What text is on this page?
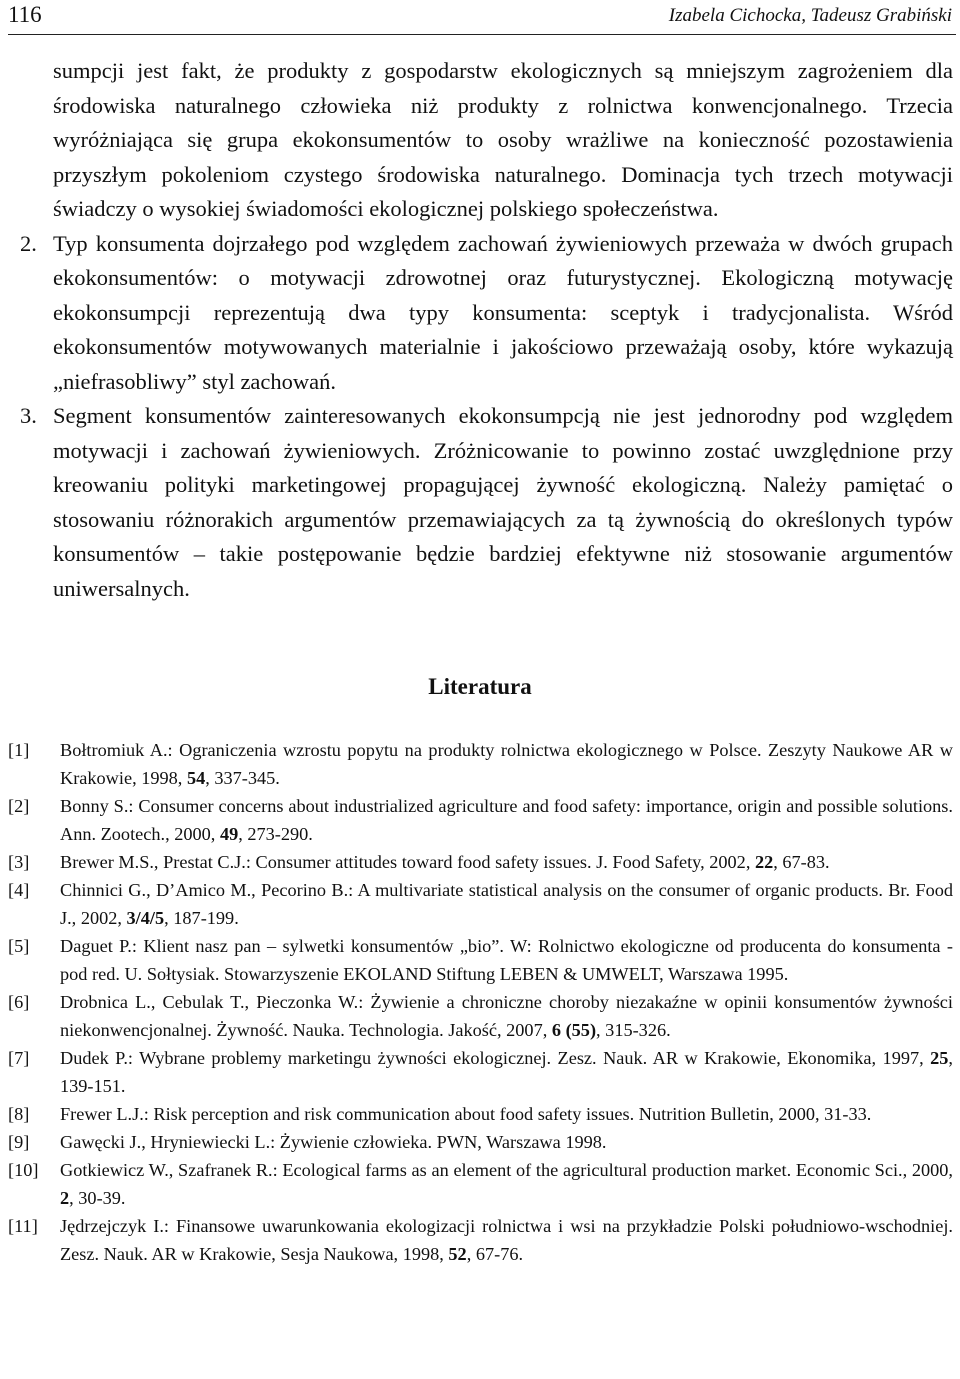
116	Izabela Cichocka, Tadeusz Grabiński

sumpcji jest fakt, że produkty z gospodarstw ekologicznych są mniejszym zagrożeniem dla środowiska naturalnego człowieka niż produkty z rolnictwa konwencjonalnego. Trzecia wyróżniająca się grupa ekokonsumentów to osoby wrażliwe na konieczność pozostawienia przyszłym pokoleniom czystego środowiska naturalnego. Dominacja tych trzech motywacji świadczy o wysokiej świadomości ekologicznej polskiego społeczeństwa.

2. Typ konsumenta dojrzałego pod względem zachowań żywieniowych przeważa w dwóch grupach ekokonsumentów: o motywacji zdrowotnej oraz futurystycznej. Ekologiczną motywację ekokonsumpcji reprezentują dwa typy konsumenta: sceptyk i tradycjonalista. Wśród ekokonsumentów motywowanych materialnie i jakościowo przeważają osoby, które wykazują „niefrasobliwy” styl zachowań.

3. Segment konsumentów zainteresowanych ekokonsumpcją nie jest jednorodny pod względem motywacji i zachowań żywieniowych. Zróżnicowanie to powinno zostać uwzględnione przy kreowaniu polityki marketingowej propagującej żywność ekologiczną. Należy pamiętać o stosowaniu różnorakich argumentów przemawiających za tą żywnością do określonych typów konsumentów – takie postępowanie będzie bardziej efektywne niż stosowanie argumentów uniwersalnych.

Literatura

[1] Bołtromiuk A.: Ograniczenia wzrostu popytu na produkty rolnictwa ekologicznego w Polsce. Zeszyty Naukowe AR w Krakowie, 1998, 54, 337-345.

[2] Bonny S.: Consumer concerns about industrialized agriculture and food safety: importance, origin and possible solutions. Ann. Zootech., 2000, 49, 273-290.

[3] Brewer M.S., Prestat C.J.: Consumer attitudes toward food safety issues. J. Food Safety, 2002, 22, 67-83.

[4] Chinnici G., D’Amico M., Pecorino B.: A multivariate statistical analysis on the consumer of organic products. Br. Food J., 2002, 3/4/5, 187-199.

[5] Daguet P.: Klient nasz pan – sylwetki konsumentów „bio”. W: Rolnictwo ekologiczne od producenta do konsumenta - pod red. U. Sołtysiak. Stowarzyszenie EKOLAND Stiftung LEBEN & UMWELT, Warszawa 1995.

[6] Drobnica L., Cebulak T., Pieczonka W.: Żywienie a chroniczne choroby niezakaźne w opinii konsumentów żywności niekonwencjonalnej. Żywność. Nauka. Technologia. Jakość, 2007, 6 (55), 315-326.

[7] Dudek P.: Wybrane problemy marketingu żywności ekologicznej. Zesz. Nauk. AR w Krakowie, Ekonomika, 1997, 25, 139-151.

[8] Frewer L.J.: Risk perception and risk communication about food safety issues. Nutrition Bulletin, 2000, 31-33.

[9] Gawęcki J., Hryniewiecki L.: Żywienie człowieka. PWN, Warszawa 1998.

[10] Gotkiewicz W., Szafranek R.: Ecological farms as an element of the agricultural production market. Economic Sci., 2000, 2, 30-39.

[11] Jędrzejczyk I.: Finansowe uwarunkowania ekologizacji rolnictwa i wsi na przykładzie Polski południowo-wschodniej. Zesz. Nauk. AR w Krakowie, Sesja Naukowa, 1998, 52, 67-76.
